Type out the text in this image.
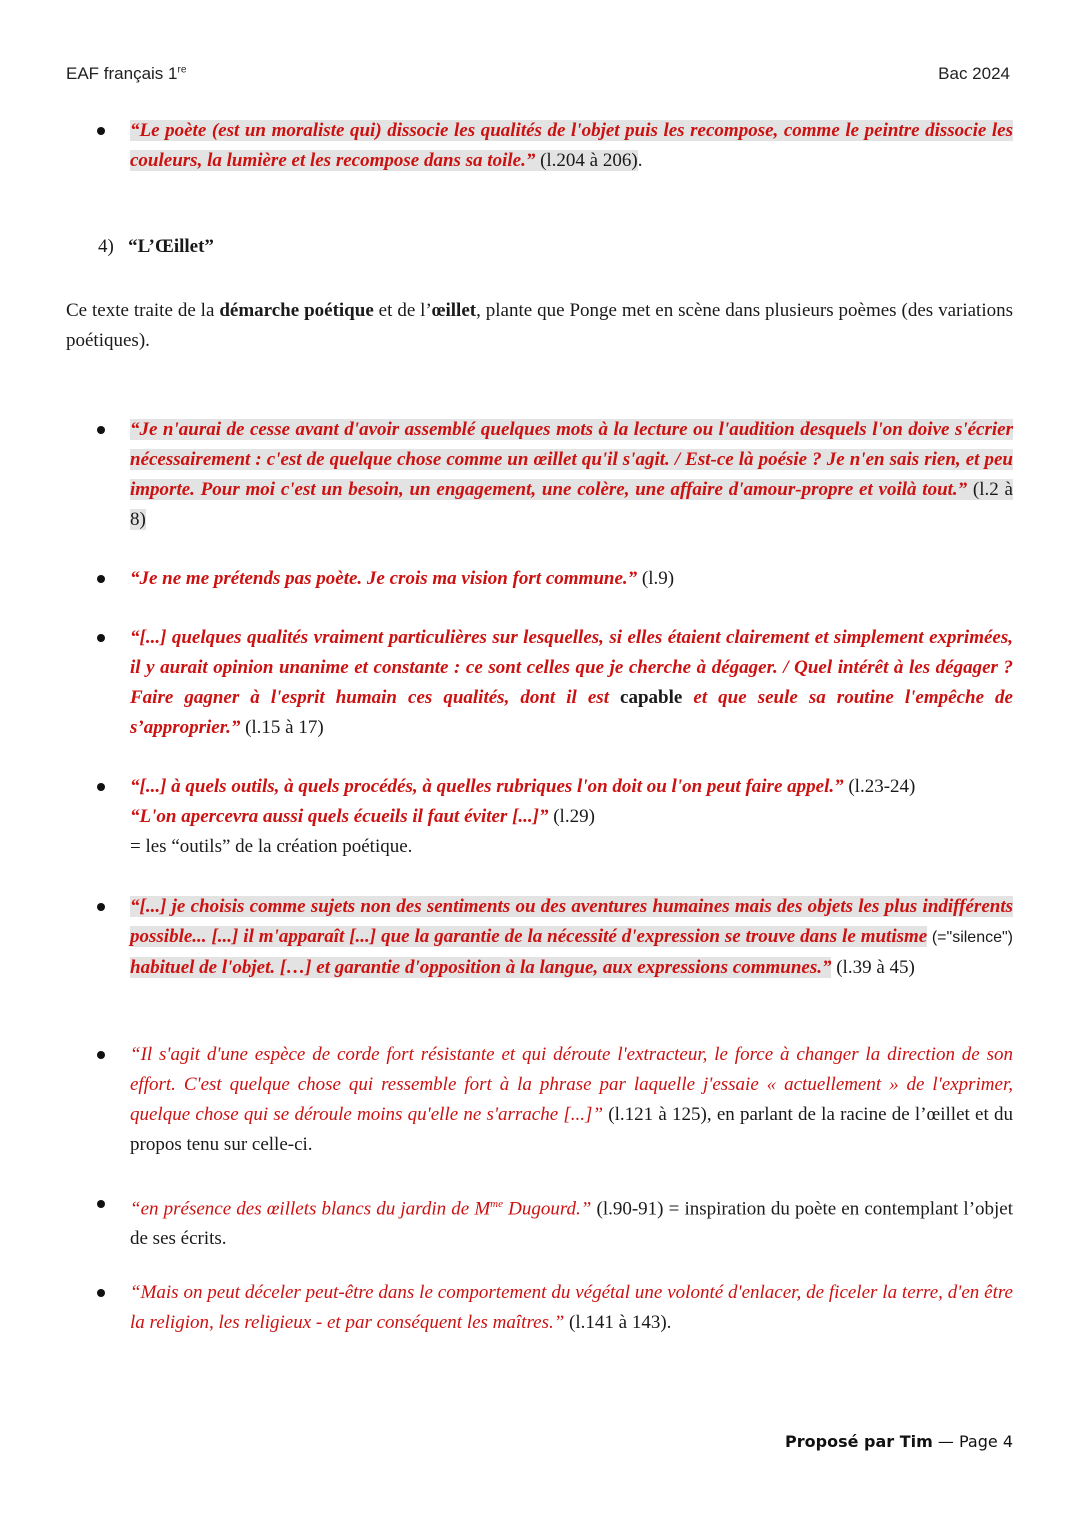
EAF français 1re	Bac 2024
“Le poète (est un moraliste qui) dissocie les qualités de l'objet puis les recompose, comme le peintre dissocie les couleurs, la lumière et les recompose dans sa toile.” (l.204 à 206).
4) “L’Œillet”
Ce texte traite de la démarche poétique et de l’œillet, plante que Ponge met en scène dans plusieurs poèmes (des variations poétiques).
“Je n'aurai de cesse avant d'avoir assemblé quelques mots à la lecture ou l'audition desquels l'on doive s'écrier nécessairement : c'est de quelque chose comme un œillet qu'il s'agit. / Est-ce là poésie ? Je n'en sais rien, et peu importe. Pour moi c'est un besoin, un engagement, une colère, une affaire d'amour-propre et voilà tout.” (l.2 à 8)
“Je ne me prétends pas poète. Je crois ma vision fort commune.” (l.9)
“[...] quelques qualités vraiment particulières sur lesquelles, si elles étaient clairement et simplement exprimées, il y aurait opinion unanime et constante : ce sont celles que je cherche à dégager. / Quel intérêt à les dégager ? Faire gagner à l'esprit humain ces qualités, dont il est capable et que seule sa routine l'empêche de s’approprier.” (l.15 à 17)
“[...] à quels outils, à quels procédés, à quelles rubriques l'on doit ou l'on peut faire appel.” (l.23-24)
“L'on apercevra aussi quels écueils il faut éviter [...]” (l.29)
= les “outils” de la création poétique.
“[...] je choisis comme sujets non des sentiments ou des aventures humaines mais des objets les plus indifférents possible... [...] il m'apparaît [...] que la garantie de la nécessité d'expression se trouve dans le mutisme (="silence") habituel de l'objet. […] et garantie d'opposition à la langue, aux expressions communes.” (l.39 à 45)
“Il s'agit d'une espèce de corde fort résistante et qui déroute l'extracteur, le force à changer la direction de son effort. C'est quelque chose qui ressemble fort à la phrase par laquelle j'essaie « actuellement » de l'exprimer, quelque chose qui se déroule moins qu'elle ne s'arrache [...]” (l.121 à 125), en parlant de la racine de l’œillet et du propos tenu sur celle-ci.
“en présence des œillets blancs du jardin de $M^{me}$ Dugourd.” (l.90-91) = inspiration du poète en contemplant l’objet de ses écrits.
“Mais on peut déceler peut-être dans le comportement du végétal une volonté d'enlacer, de ficeler la terre, d'en être la religion, les religieux - et par conséquent les maîtres.” (l.141 à 143).
Proposé par Tim — Page 4
